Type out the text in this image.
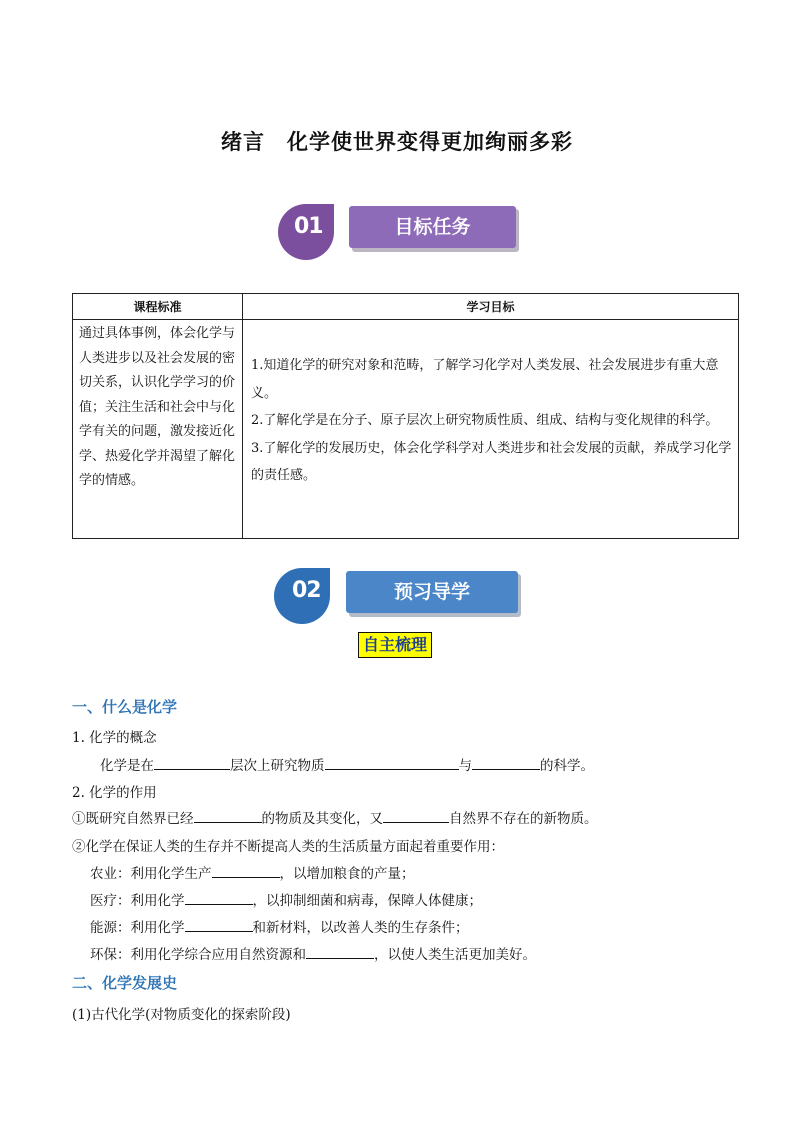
绪言　化学使世界变得更加绚丽多彩
01	目标任务
课程标准	学习目标
通过具体事例，体会化学与人类进步以及社会发展的密切关系，认识化学学习的价值；关注生活和社会中与化学有关的问题，激发接近化学、热爱化学并渴望了解化学的情感。	1.知道化学的研究对象和范畴，了解学习化学对人类发展、社会发展进步有重大意义。
2.了解化学是在分子、原子层次上研究物质性质、组成、结构与变化规律的科学。
3.了解化学的发展历史，体会化学科学对人类进步和社会发展的贡献，养成学习化学的责任感。
02	预习导学
自主梳理
一、什么是化学
1. 化学的概念
化学是在	层次上研究物质	与	的科学。
2. 化学的作用
①既研究自然界已经	的物质及其变化，又	自然界不存在的新物质。
②化学在保证人类的生存并不断提高人类的生活质量方面起着重要作用：
农业：利用化学生产	，以增加粮食的产量；
医疗：利用化学	，以抑制细菌和病毒，保障人体健康；
能源：利用化学	和新材料，以改善人类的生存条件；
环保：利用化学综合应用自然资源和	，以使人类生活更加美好。
二、化学发展史
(1)古代化学(对物质变化的探索阶段)
